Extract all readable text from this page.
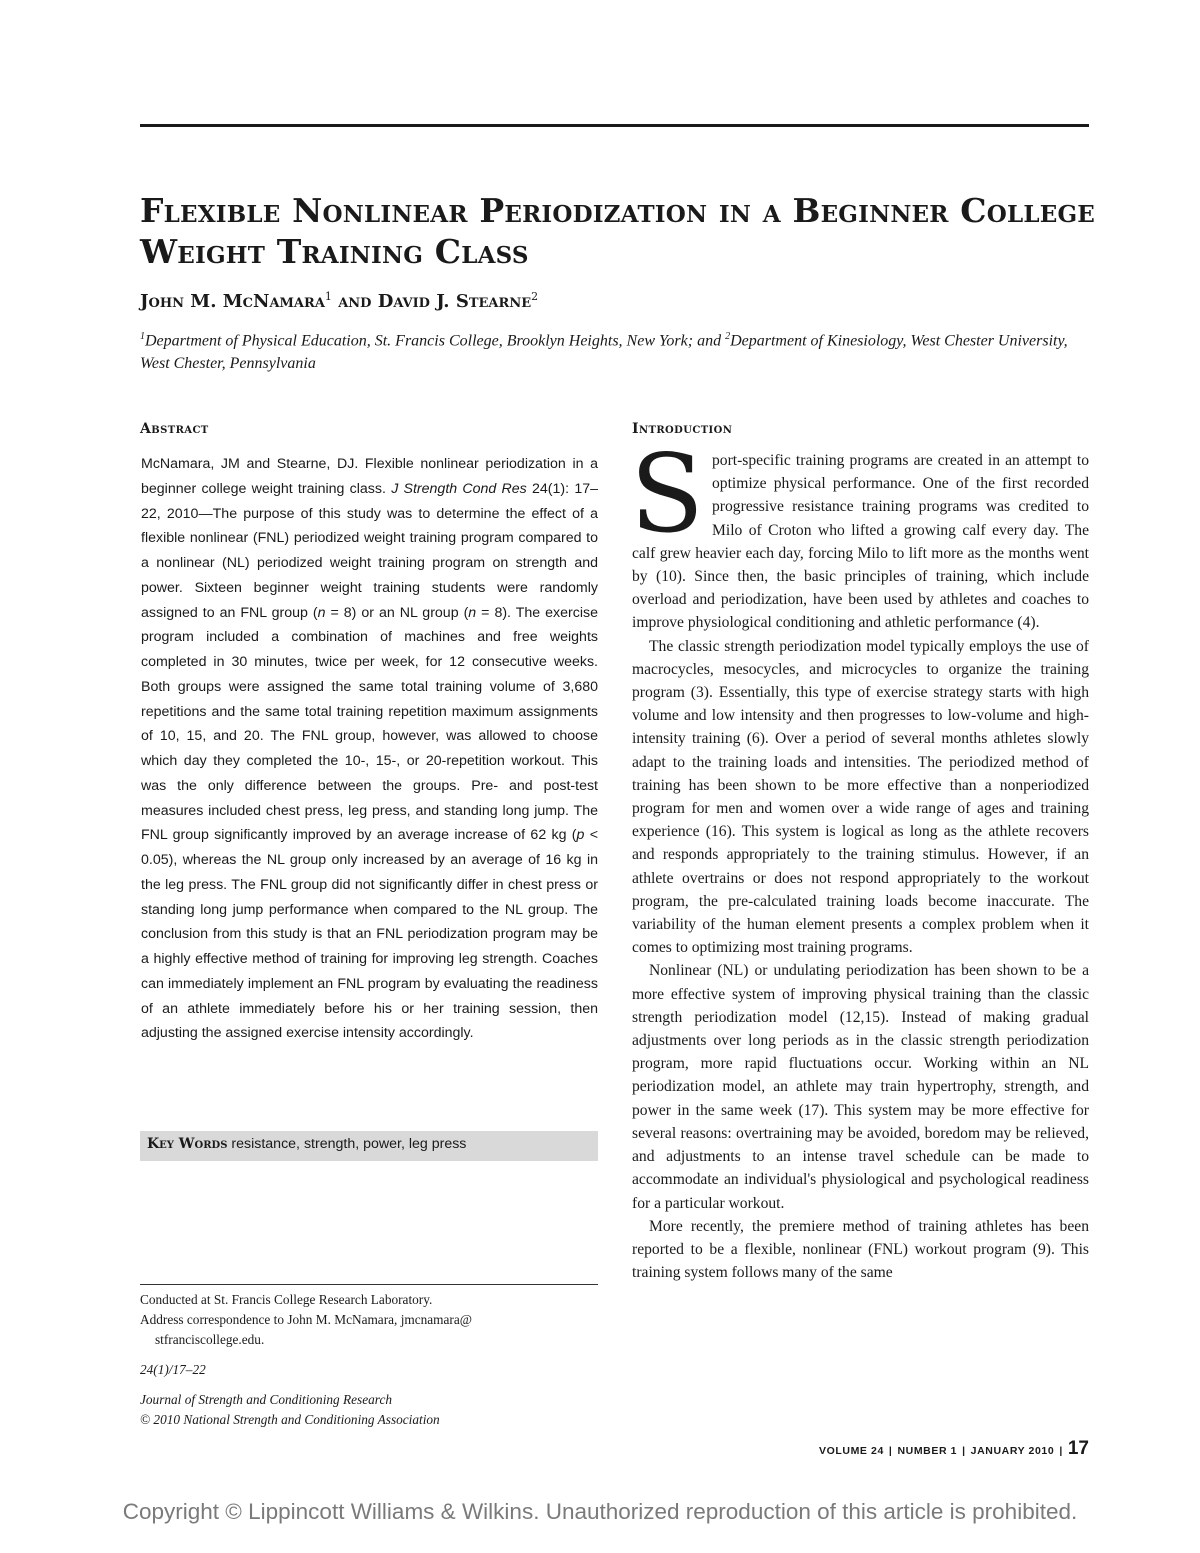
Flexible Nonlinear Periodization in a Beginner College Weight Training Class
John M. McNamara$^1$ and David J. Stearne$^2$
$^1$Department of Physical Education, St. Francis College, Brooklyn Heights, New York; and $^2$Department of Kinesiology, West Chester University, West Chester, Pennsylvania
Abstract

McNamara, JM and Stearne, DJ. Flexible nonlinear periodization in a beginner college weight training class. J Strength Cond Res 24(1): 17–22, 2010—The purpose of this study was to determine the effect of a flexible nonlinear (FNL) periodized weight training program compared to a nonlinear (NL) periodized weight training program on strength and power. Sixteen beginner weight training students were randomly assigned to an FNL group (n = 8) or an NL group (n = 8). The exercise program included a combination of machines and free weights completed in 30 minutes, twice per week, for 12 consecutive weeks. Both groups were assigned the same total training volume of 3,680 repetitions and the same total training repetition maximum assignments of 10, 15, and 20. The FNL group, however, was allowed to choose which day they completed the 10-, 15-, or 20-repetition workout. This was the only difference between the groups. Pre- and post-test measures included chest press, leg press, and standing long jump. The FNL group significantly improved by an average increase of 62 kg (p < 0.05), whereas the NL group only increased by an average of 16 kg in the leg press. The FNL group did not significantly differ in chest press or standing long jump performance when compared to the NL group. The conclusion from this study is that an FNL periodization program may be a highly effective method of training for improving leg strength. Coaches can immediately implement an FNL program by evaluating the readiness of an athlete immediately before his or her training session, then adjusting the assigned exercise intensity accordingly.

Key Words resistance, strength, power, leg press

Conducted at St. Francis College Research Laboratory.

Address correspondence to John M. McNamara, jmcnamara@

stfranciscollege.edu.

24(1)/17–22

Journal of Strength and Conditioning Research

© 2010 National Strength and Conditioning Association

Introduction

Sport-specific training programs are created in an attempt to optimize physical performance. One of the first recorded progressive resistance training programs was credited to Milo of Croton who lifted a growing calf every day. The calf grew heavier each day, forcing Milo to lift more as the months went by (10). Since then, the basic principles of training, which include overload and periodization, have been used by athletes and coaches to improve physiological conditioning and athletic performance (4).

The classic strength periodization model typically employs the use of macrocycles, mesocycles, and microcycles to organize the training program (3). Essentially, this type of exercise strategy starts with high volume and low intensity and then progresses to low-volume and high-intensity training (6). Over a period of several months athletes slowly adapt to the training loads and intensities. The periodized method of training has been shown to be more effective than a nonperiodized program for men and women over a wide range of ages and training experience (16). This system is logical as long as the athlete recovers and responds appropriately to the training stimulus. However, if an athlete overtrains or does not respond appropriately to the workout program, the pre-calculated training loads become inaccurate. The variability of the human element presents a complex problem when it comes to optimizing most training programs.

Nonlinear (NL) or undulating periodization has been shown to be a more effective system of improving physical training than the classic strength periodization model (12,15). Instead of making gradual adjustments over long periods as in the classic strength periodization program, more rapid fluctuations occur. Working within an NL periodization model, an athlete may train hypertrophy, strength, and power in the same week (17). This system may be more effective for several reasons: overtraining may be avoided, boredom may be relieved, and adjustments to an intense travel schedule can be made to accommodate an individual's physiological and psychological readiness for a particular workout.

More recently, the premiere method of training athletes has been reported to be a flexible, nonlinear (FNL) workout program (9). This training system follows many of the same

VOLUME 24 | NUMBER 1 | JANUARY 2010 | 17
Copyright © Lippincott Williams & Wilkins. Unauthorized reproduction of this article is prohibited.
